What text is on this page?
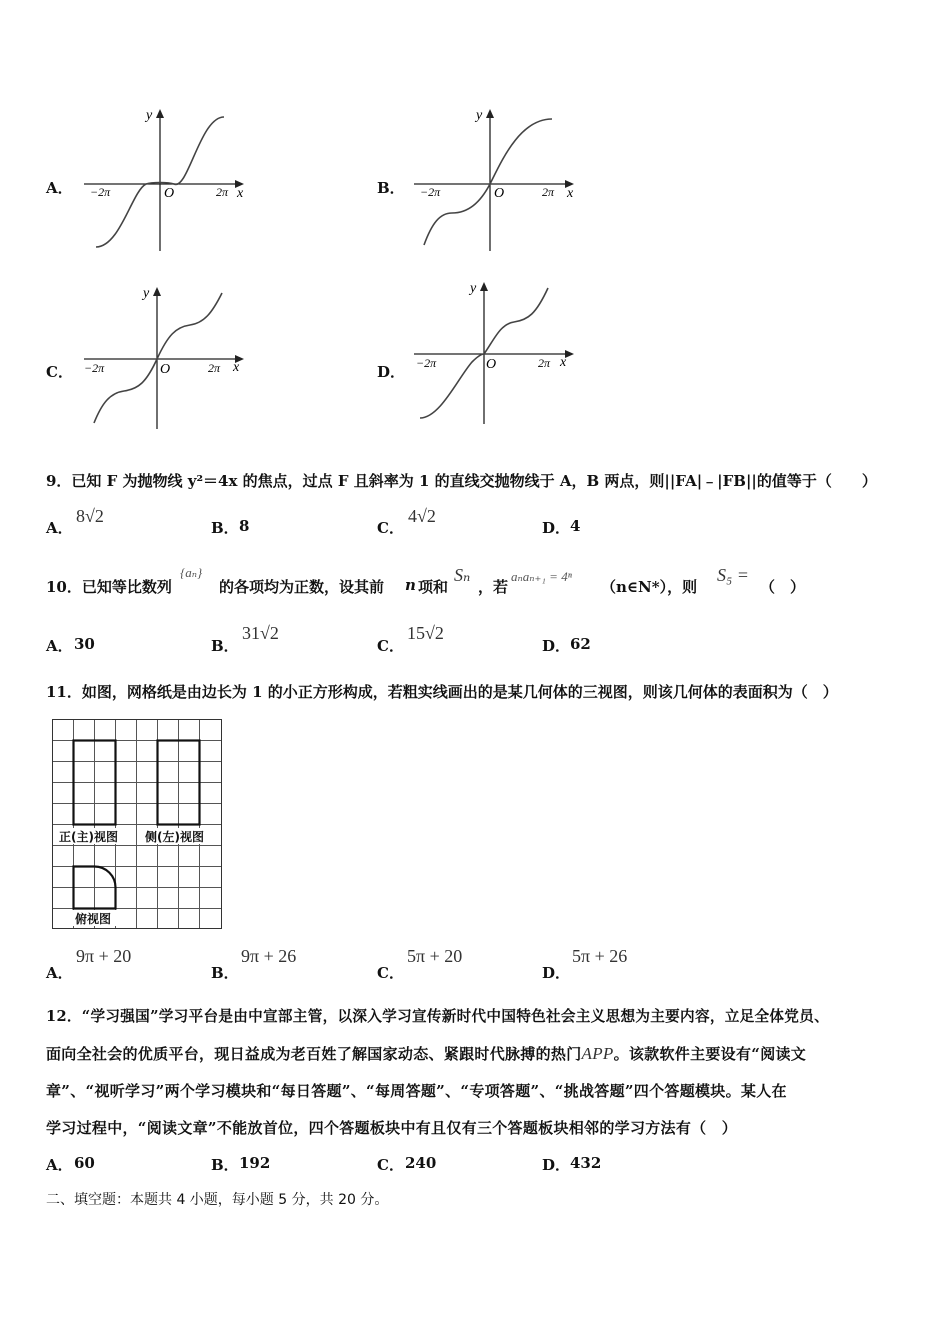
A．
y
x
O
−2π	2π	B．
y
x
O
−2π	2π
C．
y
x
O
−2π	2π	D．
y
x
O
−2π	2π
9．已知 F 为抛物线 y²＝4x 的焦点，过点 F 且斜率为 1 的直线交抛物线于 A，B 两点，则||FA|﹣|FB||的值等于（　　）
A．
8√2
B． 8	C．
4√2
D． 4
10．已知等比数列
{aₙ}
的各项均为正数，设其前 n 项和
Sₙ
，若
aₙaₙ₊₁ = 4ⁿ
（n∈N*），则
S₅ =
（　）
A． 30	B．
31√2
C．
15√2
D． 62
11．如图，网格纸是由边长为 1 的小正方形构成，若粗实线画出的是某几何体的三视图，则该几何体的表面积为（　）
正(主)视图 侧(左)视图
俯视图
A．
9π + 20
B．
9π + 26
C．
5π + 20
D．
5π + 26
12．“学习强国”学习平台是由中宣部主管，以深入学习宣传新时代中国特色社会主义思想为主要内容，立足全体党员、
面向全社会的优质平台，现日益成为老百姓了解国家动态、紧跟时代脉搏的热门APP。该款软件主要设有“阅读文
章”、“视听学习”两个学习模块和“每日答题”、“每周答题”、“专项答题”、“挑战答题”四个答题模块。某人在
学习过程中，“阅读文章”不能放首位，四个答题板块中有且仅有三个答题板块相邻的学习方法有（　）
A． 60	B． 192	C． 240	D． 432
二、填空题：本题共 4 小题，每小题 5 分，共 20 分。
